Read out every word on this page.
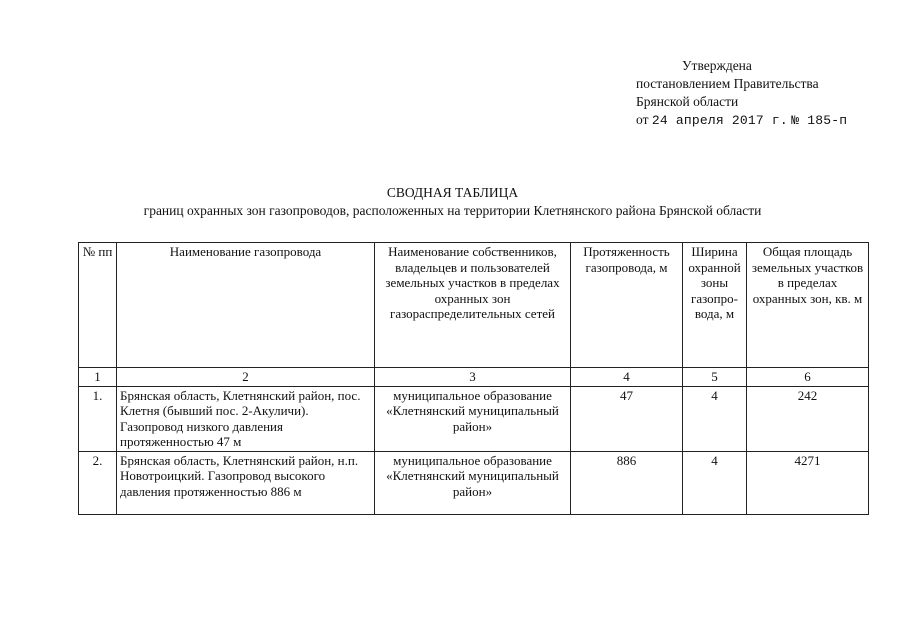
Утверждена
постановлением Правительства
Брянской области
от 24 апреля 2017 г. № 185-п
СВОДНАЯ ТАБЛИЦА
границ охранных зон газопроводов, расположенных на территории Клетнянского района Брянской области
№ пп	Наименование газопровода	Наименование собственников, владельцев и пользователей земельных участков в пределах охранных зон газораспределительных сетей	Протяженность газопровода, м	Ширина охранной зоны газопро-вода, м	Общая площадь земельных участков в пределах охранных зон, кв. м
1	2	3	4	5	6
1.	Брянская область, Клетнянский район, пос. Клетня (бывший пос. 2-Акуличи). Газопровод низкого давления протяженностью 47 м	муниципальное образование «Клетнянский муниципальный район»	47	4	242
2.	Брянская область, Клетнянский район, н.п. Новотроицкий. Газопровод высокого давления протяженностью 886 м	муниципальное образование «Клетнянский муниципальный район»	886	4	4271
